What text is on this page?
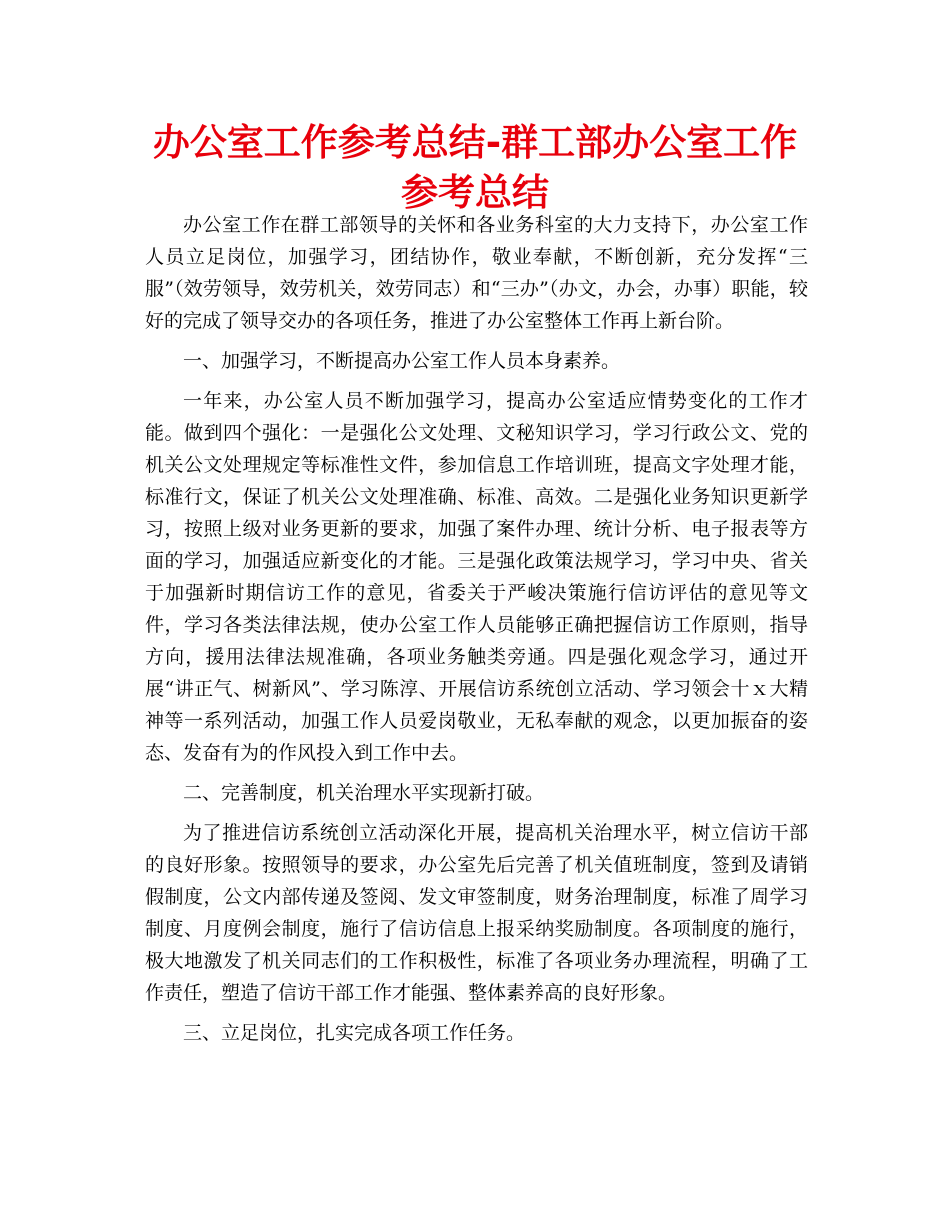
办公室工作参考总结-群工部办公室工作参考总结

办公室工作在群工部领导的关怀和各业务科室的大力支持下，办公室工作人员立足岗位，加强学习，团结协作，敬业奉献，不断创新，充分发挥“三服”（效劳领导，效劳机关，效劳同志）和“三办”（办文，办会，办事）职能，较好的完成了领导交办的各项任务，推进了办公室整体工作再上新台阶。

一、加强学习，不断提高办公室工作人员本身素养。

一年来，办公室人员不断加强学习，提高办公室适应情势变化的工作才能。做到四个强化：一是强化公文处理、文秘知识学习，学习行政公文、党的机关公文处理规定等标准性文件，参加信息工作培训班，提高文字处理才能，标准行文，保证了机关公文处理准确、标准、高效。二是强化业务知识更新学习，按照上级对业务更新的要求，加强了案件办理、统计分析、电子报表等方面的学习，加强适应新变化的才能。三是强化政策法规学习，学习中央、省关于加强新时期信访工作的意见，省委关于严峻决策施行信访评估的意见等文件，学习各类法律法规，使办公室工作人员能够正确把握信访工作原则，指导方向，援用法律法规准确，各项业务触类旁通。四是强化观念学习，通过开展“讲正气、树新风”、学习陈淳、开展信访系统创立活动、学习领会十ｘ大精神等一系列活动，加强工作人员爱岗敬业，无私奉献的观念，以更加振奋的姿态、发奋有为的作风投入到工作中去。

二、完善制度，机关治理水平实现新打破。

为了推进信访系统创立活动深化开展，提高机关治理水平，树立信访干部的良好形象。按照领导的要求，办公室先后完善了机关值班制度，签到及请销假制度，公文内部传递及签阅、发文审签制度，财务治理制度，标准了周学习制度、月度例会制度，施行了信访信息上报采纳奖励制度。各项制度的施行，极大地激发了机关同志们的工作积极性，标准了各项业务办理流程，明确了工作责任，塑造了信访干部工作才能强、整体素养高的良好形象。

三、立足岗位，扎实完成各项工作任务。
